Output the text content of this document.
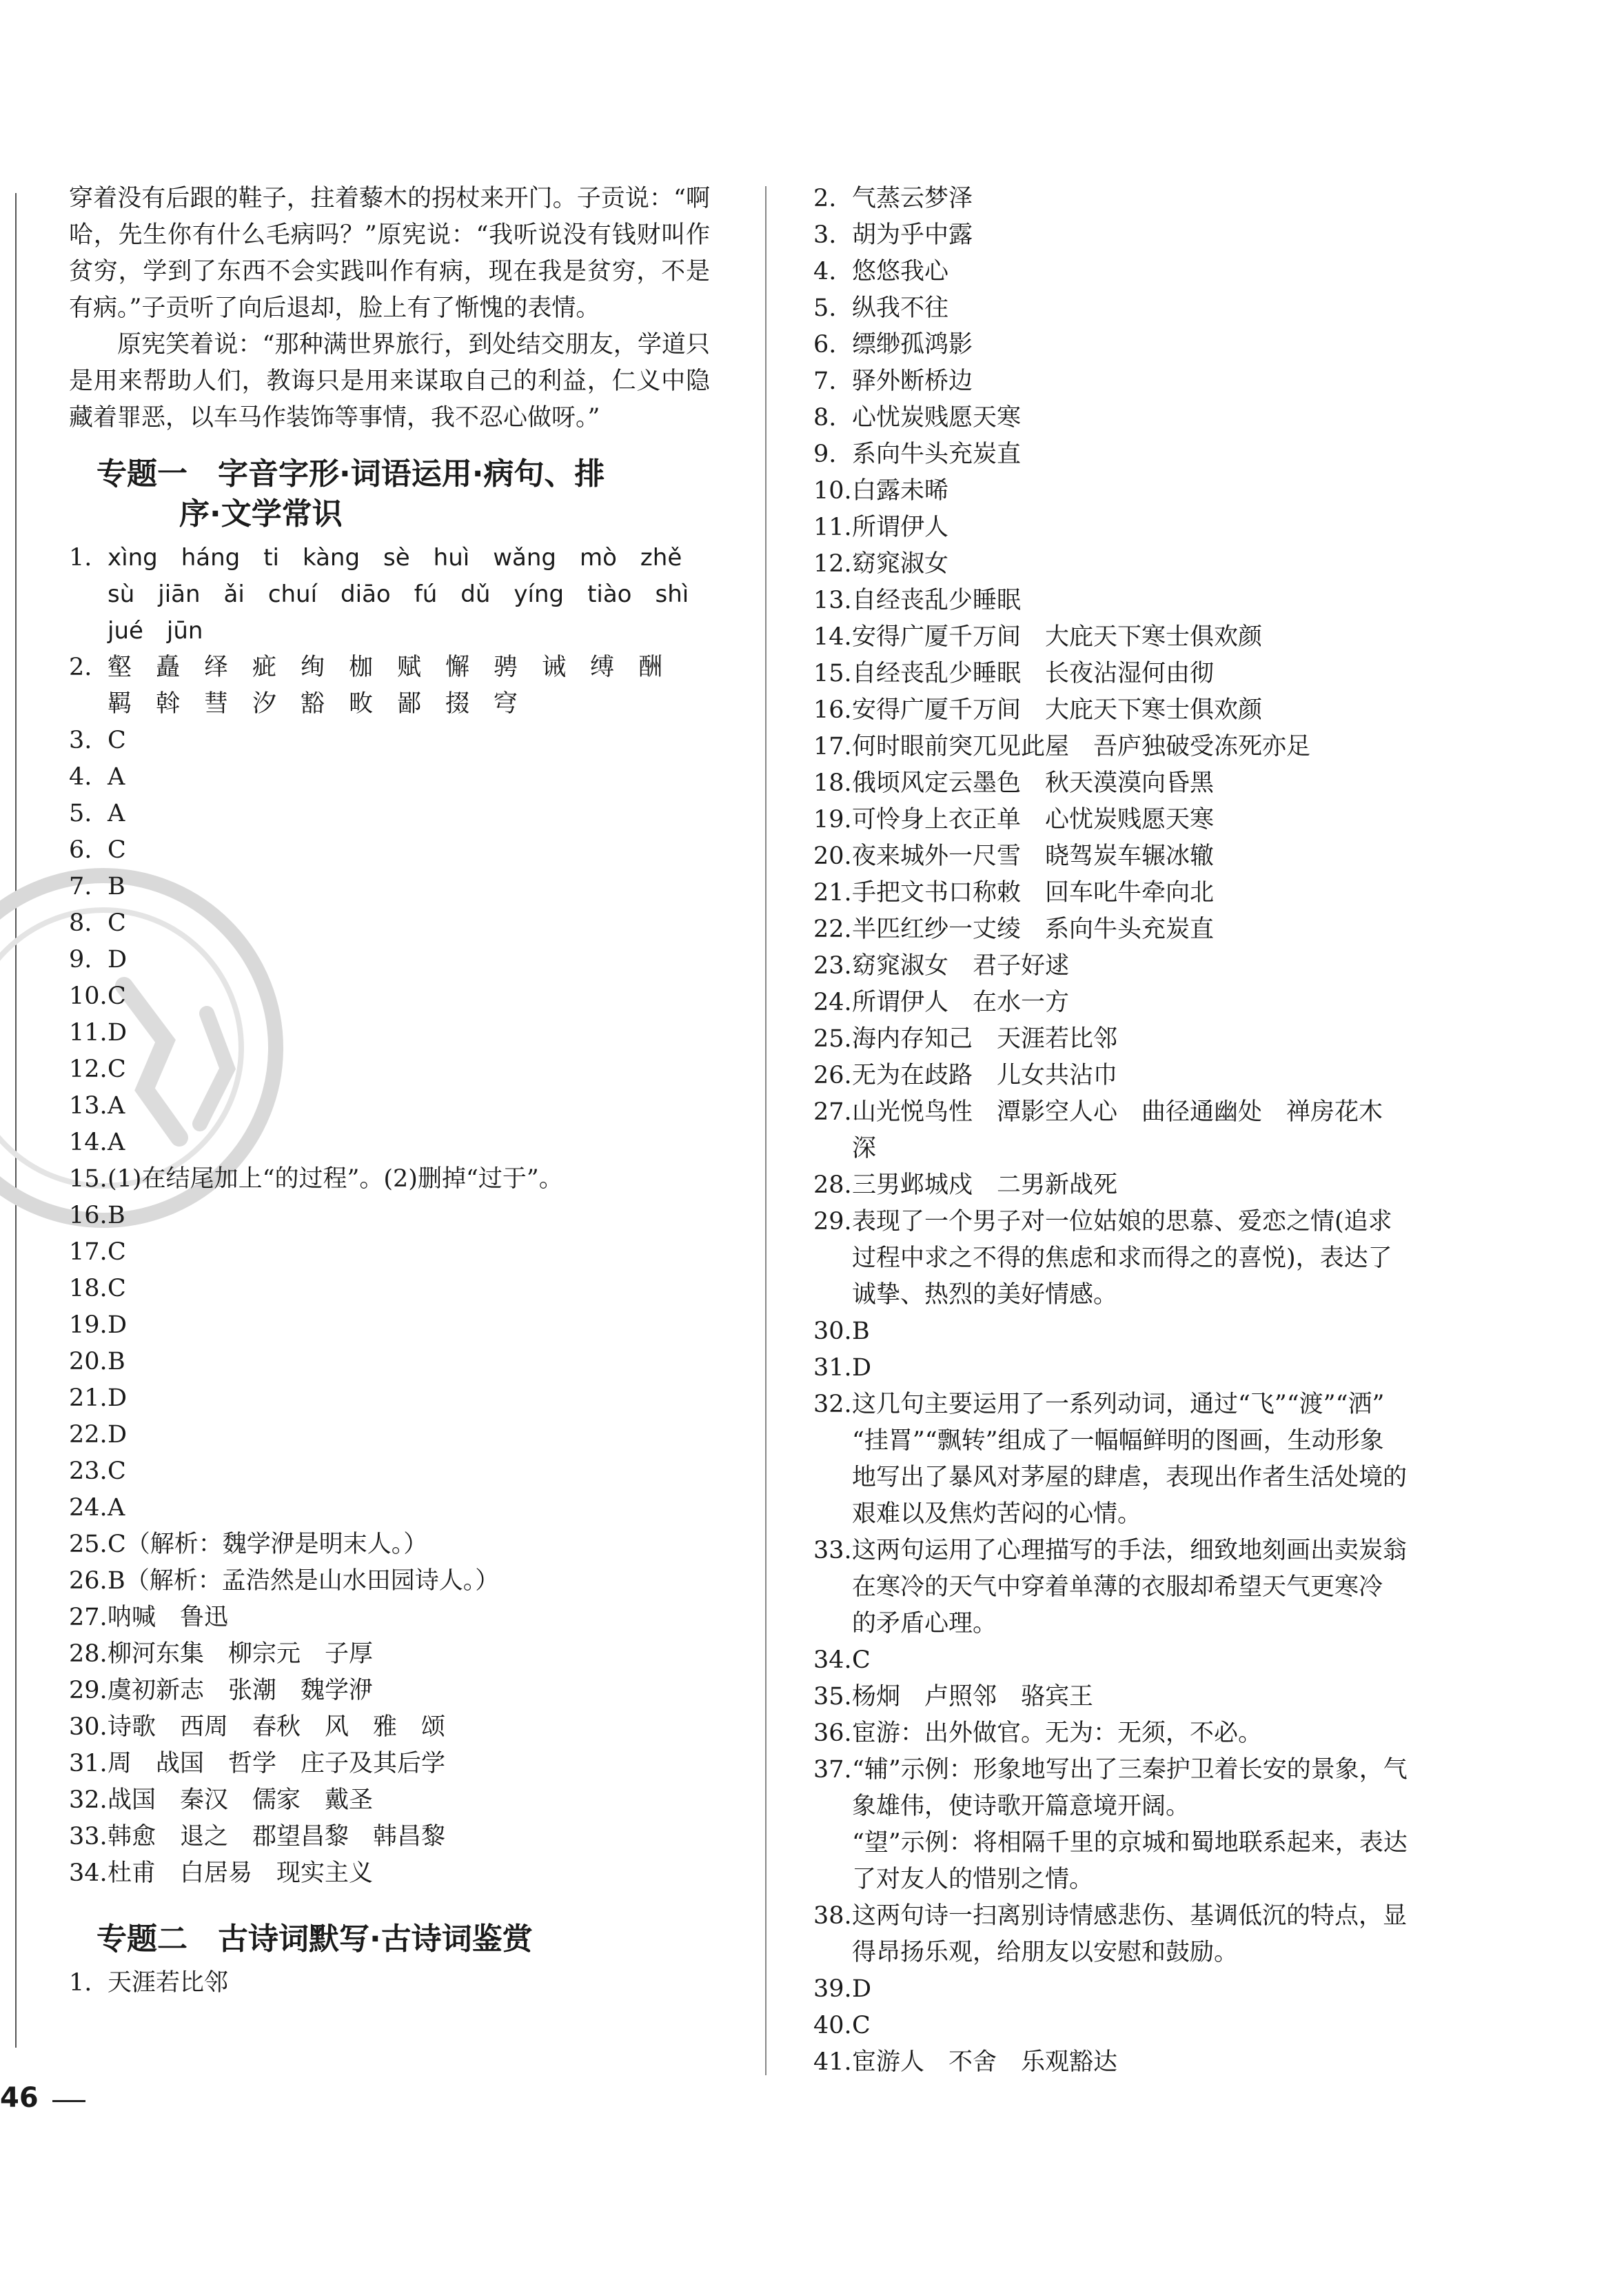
穿着没有后跟的鞋子，拄着藜木的拐杖来开门。子贡说：“啊哈，先生你有什么毛病吗？”原宪说：“我听说没有钱财叫作贫穷，学到了东西不会实践叫作有病，现在我是贫穷，不是有病。”子贡听了向后退却，脸上有了惭愧的表情。

原宪笑着说：“那种满世界旅行，到处结交朋友，学道只是用来帮助人们，教诲只是用来谋取自己的利益，仁义中隐藏着罪恶，以车马作装饰等事情，我不忍心做呀。”

专题一　字音字形·词语运用·病句、排
序·文学常识
1. xìng　háng　ti　kàng　sè　huì　wǎng　mò　zhě
sù　jiān　ǎi　chuí　diāo　fú　dǔ　yíng　tiào　shì
jué　jūn
2. 壑　矗　绎　疵　绚　枷　赋　懈　骋　诫　缚　酬
羁　斡　彗　汐　豁　畋　鄙　掇　穹
3. C
4. A
5. A
6. C
7. B
8. C
9. D
10. C
11. D
12. C
13. A
14. A
15. (1)在结尾加上“的过程”。(2)删掉“过于”。
16. B
17. C
18. C
19. D
20. B
21. D
22. D
23. C
24. A
25. C（解析：魏学洢是明末人。）
26. B（解析：孟浩然是山水田园诗人。）
27. 呐喊　鲁迅
28. 柳河东集　柳宗元　子厚
29. 虞初新志　张潮　魏学洢
30. 诗歌　西周　春秋　风　雅　颂
31. 周　战国　哲学　庄子及其后学
32. 战国　秦汉　儒家　戴圣
33. 韩愈　退之　郡望昌黎　韩昌黎
34. 杜甫　白居易　现实主义
专题二　古诗词默写·古诗词鉴赏
1. 天涯若比邻
2. 气蒸云梦泽
3. 胡为乎中露
4. 悠悠我心
5. 纵我不往
6. 缥缈孤鸿影
7. 驿外断桥边
8. 心忧炭贱愿天寒
9. 系向牛头充炭直
10. 白露未晞
11. 所谓伊人
12. 窈窕淑女
13. 自经丧乱少睡眠
14. 安得广厦千万间　大庇天下寒士俱欢颜
15. 自经丧乱少睡眠　长夜沾湿何由彻
16. 安得广厦千万间　大庇天下寒士俱欢颜
17. 何时眼前突兀见此屋　吾庐独破受冻死亦足
18. 俄顷风定云墨色　秋天漠漠向昏黑
19. 可怜身上衣正单　心忧炭贱愿天寒
20. 夜来城外一尺雪　晓驾炭车辗冰辙
21. 手把文书口称敕　回车叱牛牵向北
22. 半匹红纱一丈绫　系向牛头充炭直
23. 窈窕淑女　君子好逑
24. 所谓伊人　在水一方
25. 海内存知己　天涯若比邻
26. 无为在歧路　儿女共沾巾
27. 山光悦鸟性　潭影空人心　曲径通幽处　禅房花木
深
28. 三男邺城戍　二男新战死
29. 表现了一个男子对一位姑娘的思慕、爱恋之情(追求
过程中求之不得的焦虑和求而得之的喜悦)，表达了
诚挚、热烈的美好情感。
30. B
31. D
32. 这几句主要运用了一系列动词，通过“飞”“渡”“洒”
“挂罥”“飘转”组成了一幅幅鲜明的图画，生动形象
地写出了暴风对茅屋的肆虐，表现出作者生活处境的
艰难以及焦灼苦闷的心情。
33. 这两句运用了心理描写的手法，细致地刻画出卖炭翁
在寒冷的天气中穿着单薄的衣服却希望天气更寒冷
的矛盾心理。
34. C
35. 杨炯　卢照邻　骆宾王
36. 宦游：出外做官。无为：无须，不必。
37. “辅”示例：形象地写出了三秦护卫着长安的景象，气
象雄伟，使诗歌开篇意境开阔。
“望”示例：将相隔千里的京城和蜀地联系起来，表达
了对友人的惜别之情。
38. 这两句诗一扫离别诗情感悲伤、基调低沉的特点，显
得昂扬乐观，给朋友以安慰和鼓励。
39. D
40. C
41. 宦游人　不舍　乐观豁达
46
